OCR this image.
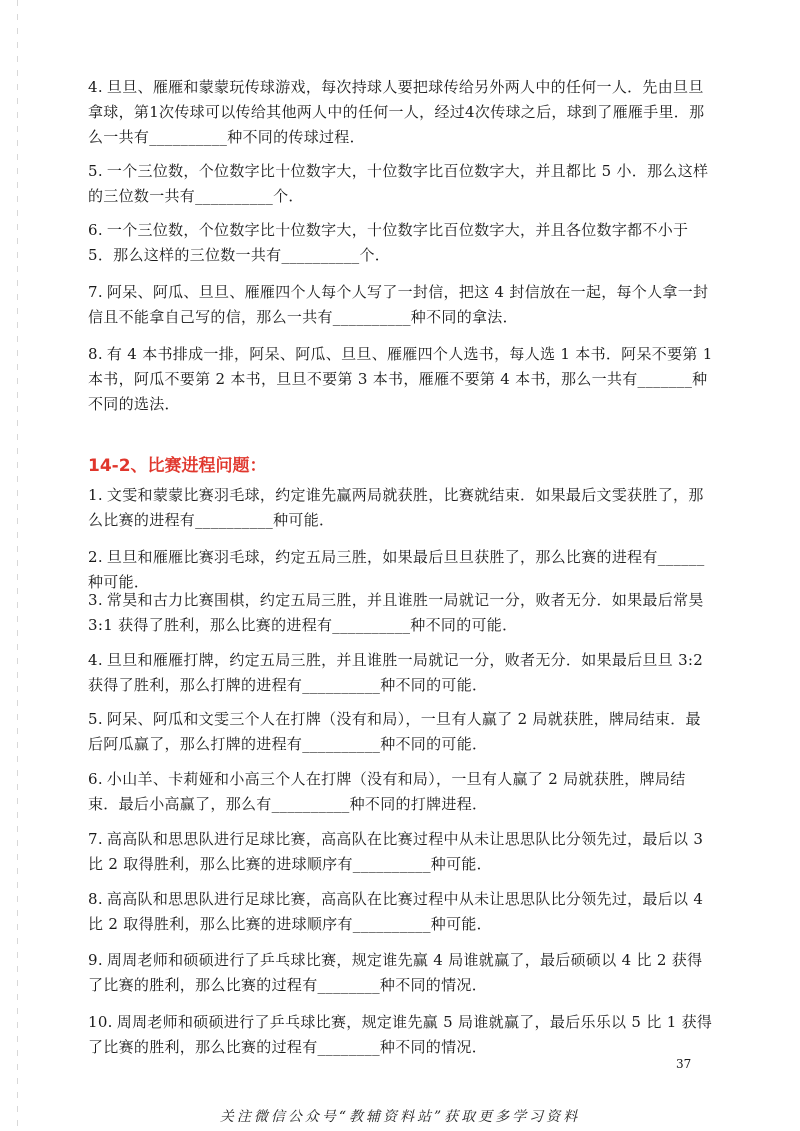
4. 旦旦、雁雁和蒙蒙玩传球游戏，每次持球人要把球传给另外两人中的任何一人．先由旦旦拿球，第1次传球可以传给其他两人中的任何一人，经过4次传球之后，球到了雁雁手里．那么一共有__________种不同的传球过程．

5. 一个三位数，个位数字比十位数字大，十位数字比百位数字大，并且都比 5 小．那么这样的三位数一共有__________个．

6. 一个三位数，个位数字比十位数字大，十位数字比百位数字大，并且各位数字都不小于 5．那么这样的三位数一共有__________个．

7. 阿呆、阿瓜、旦旦、雁雁四个人每个人写了一封信，把这 4 封信放在一起，每个人拿一封信且不能拿自己写的信，那么一共有__________种不同的拿法．

8. 有 4 本书排成一排，阿呆、阿瓜、旦旦、雁雁四个人选书，每人选 1 本书．阿呆不要第 1 本书，阿瓜不要第 2 本书，旦旦不要第 3 本书，雁雁不要第 4 本书，那么一共有_______种不同的选法．

14-2、比赛进程问题：

1. 文雯和蒙蒙比赛羽毛球，约定谁先赢两局就获胜，比赛就结束．如果最后文雯获胜了，那么比赛的进程有__________种可能．

2. 旦旦和雁雁比赛羽毛球，约定五局三胜，如果最后旦旦获胜了，那么比赛的进程有______种可能．

3. 常昊和古力比赛围棋，约定五局三胜，并且谁胜一局就记一分，败者无分．如果最后常昊 3:1 获得了胜利，那么比赛的进程有__________种不同的可能．

4. 旦旦和雁雁打牌，约定五局三胜，并且谁胜一局就记一分，败者无分．如果最后旦旦 3:2 获得了胜利，那么打牌的进程有__________种不同的可能．

5. 阿呆、阿瓜和文雯三个人在打牌（没有和局），一旦有人赢了 2 局就获胜，牌局结束．最后阿瓜赢了，那么打牌的进程有__________种不同的可能．

6. 小山羊、卡莉娅和小高三个人在打牌（没有和局），一旦有人赢了 2 局就获胜，牌局结束．最后小高赢了，那么有__________种不同的打牌进程．

7. 高高队和思思队进行足球比赛，高高队在比赛过程中从未让思思队比分领先过，最后以 3 比 2 取得胜利，那么比赛的进球顺序有__________种可能．

8. 高高队和思思队进行足球比赛，高高队在比赛过程中从未让思思队比分领先过，最后以 4 比 2 取得胜利，那么比赛的进球顺序有__________种可能．

9. 周周老师和硕硕进行了乒乓球比赛，规定谁先赢 4 局谁就赢了，最后硕硕以 4 比 2 获得了比赛的胜利，那么比赛的过程有________种不同的情况．

10. 周周老师和硕硕进行了乒乓球比赛，规定谁先赢 5 局谁就赢了，最后乐乐以 5 比 1 获得了比赛的胜利，那么比赛的过程有________种不同的情况．

37
关注微信公众号“教辅资料站”获取更多学习资料
